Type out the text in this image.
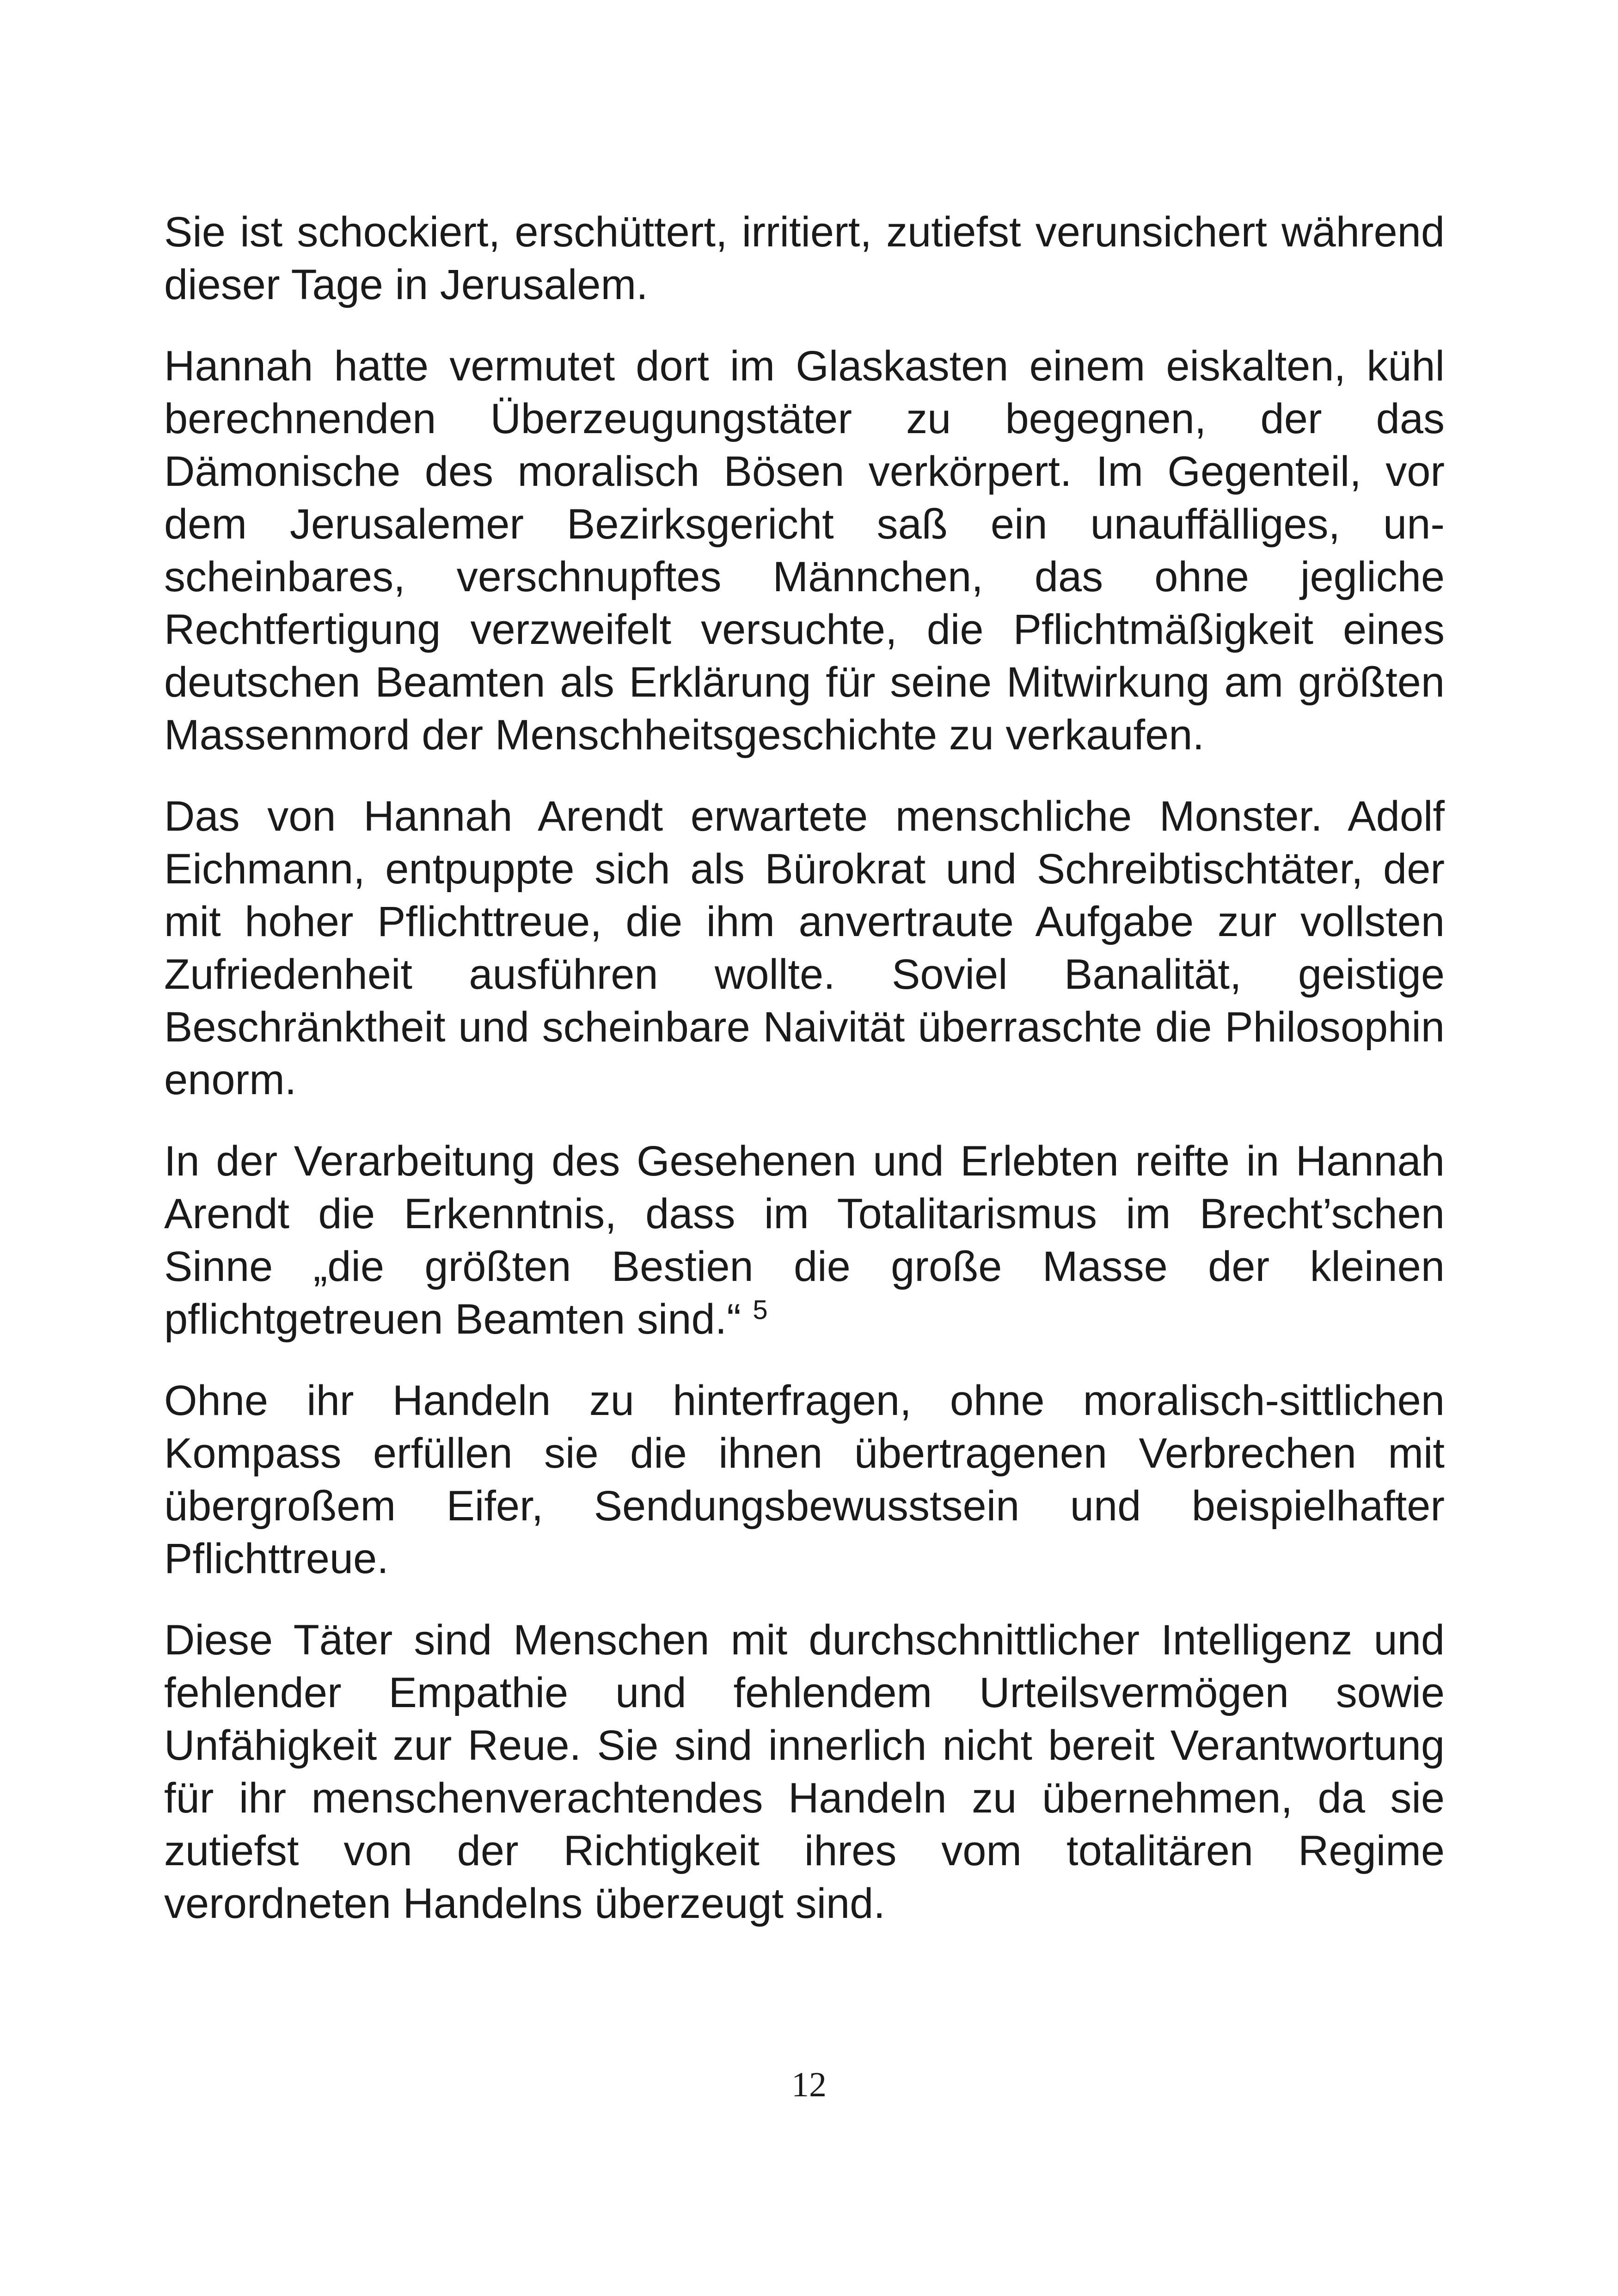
Sie ist schockiert, erschüttert, irritiert, zutiefst verunsichert während dieser Tage in Jerusalem.

Hannah hatte vermutet dort im Glaskasten einem eiskalten, kühl berechnenden Überzeugungstäter zu begegnen, der das Dämonische des moralisch Bösen verkörpert. Im Gegenteil, vor dem Jerusalemer Bezirksgericht saß ein unauffälliges, unscheinbares, verschnupftes Männchen, das ohne jegliche Rechtfertigung verzweifelt versuchte, die Pflichtmäßigkeit eines deutschen Beamten als Erklärung für seine Mitwirkung am größten Massenmord der Menschheitsgeschichte zu verkaufen.

Das von Hannah Arendt erwartete menschliche Monster. Adolf Eichmann, entpuppte sich als Bürokrat und Schreibtischtäter, der mit hoher Pflichttreue, die ihm anvertraute Aufgabe zur vollsten Zufriedenheit ausführen wollte. Soviel Banalität, geistige Beschränktheit und scheinbare Naivität überraschte die Philosophin enorm.

In der Verarbeitung des Gesehenen und Erlebten reifte in Hannah Arendt die Erkenntnis, dass im Totalitarismus im Brecht’schen Sinne „die größten Bestien die große Masse der kleinen pflichtgetreuen Beamten sind.“ $^5$

Ohne ihr Handeln zu hinterfragen, ohne moralisch-sittlichen Kompass erfüllen sie die ihnen übertragenen Verbrechen mit übergroßem Eifer, Sendungsbewusstsein und beispielhafter Pflichttreue.

Diese Täter sind Menschen mit durchschnittlicher Intelligenz und fehlender Empathie und fehlendem Urteilsvermögen sowie Unfähigkeit zur Reue. Sie sind innerlich nicht bereit Verantwortung für ihr menschenverachtendes Handeln zu übernehmen, da sie zutiefst von der Richtigkeit ihres vom totalitären Regime verordneten Handelns überzeugt sind.

12
